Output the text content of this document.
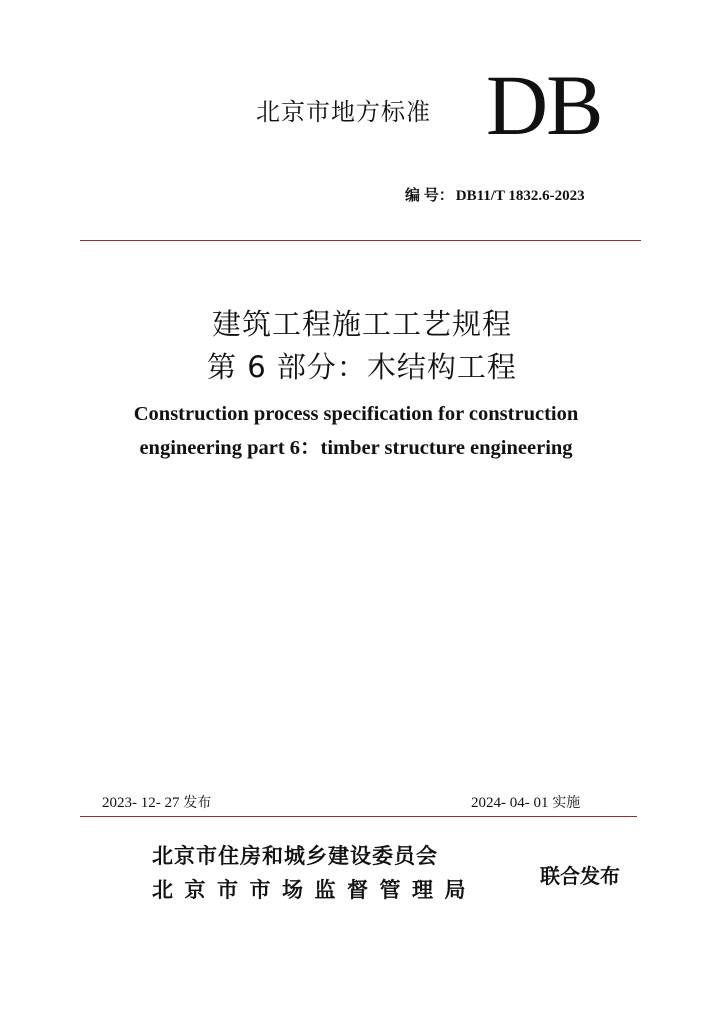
北京市地方标准 DB
编 号： DB11/T 1832.6-2023
建筑工程施工工艺规程
第 6 部分：木结构工程
Construction process specification for construction
engineering part 6：timber structure engineering
2023- 12- 27 发布	2024- 04- 01 实施
北京市住房和城乡建设委员会
北京市市场监督管理局
联合发布
